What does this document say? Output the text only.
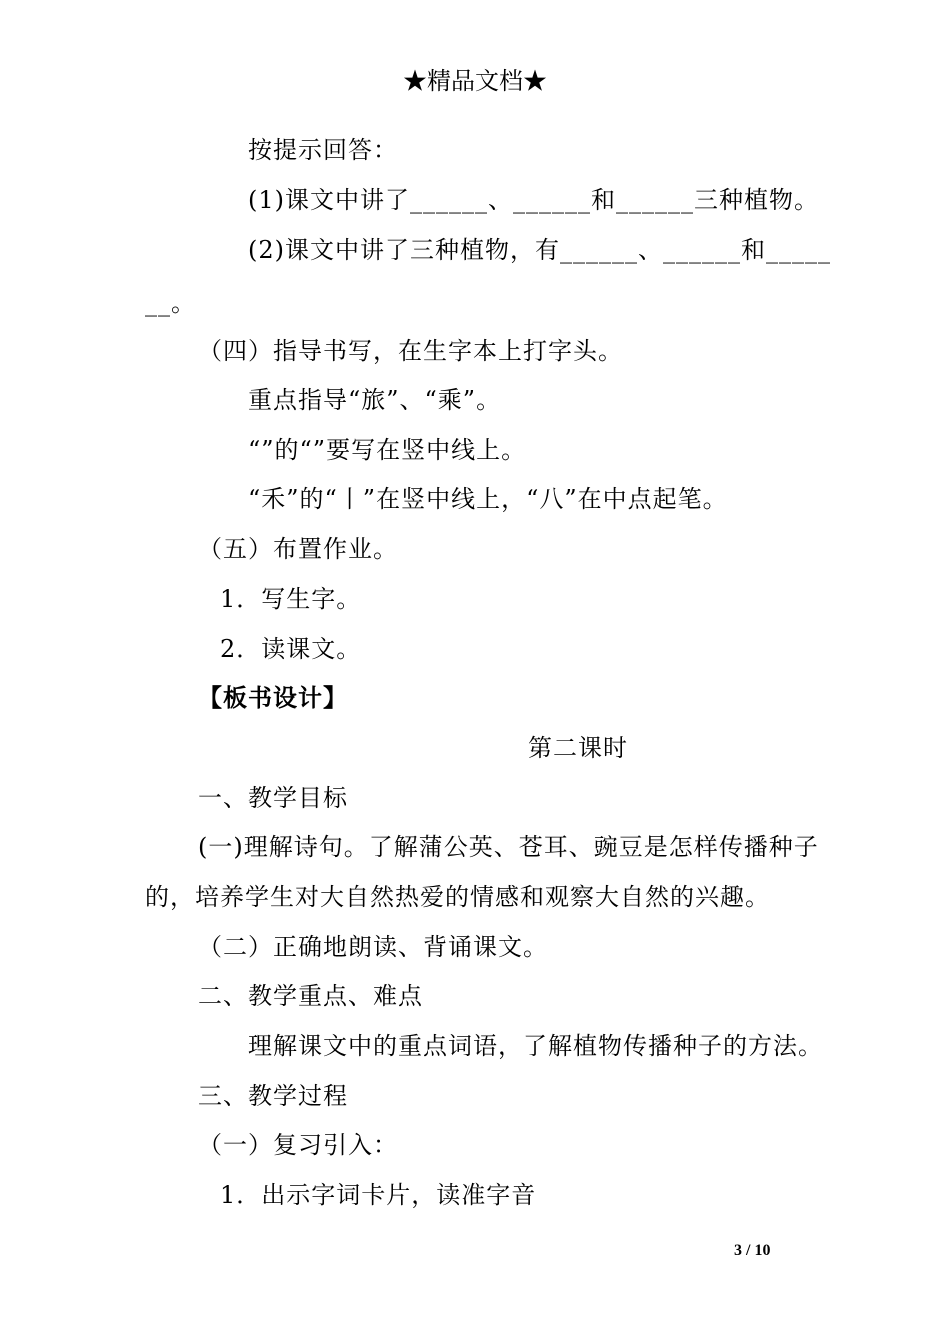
★精品文档★
按提示回答：
(1)课文中讲了______、______和______三种植物。
(2)课文中讲了三种植物，有______、______和_____
__。
（四）指导书写，在生字本上打字头。
重点指导“旅”、“乘”。
“”的“”要写在竖中线上。
“禾”的“丨”在竖中线上，“八”在中点起笔。
（五）布置作业。
1．写生字。
2．读课文。
【板书设计】
第二课时
一、教学目标
(一)理解诗句。了解蒲公英、苍耳、豌豆是怎样传播种子
的，培养学生对大自然热爱的情感和观察大自然的兴趣。
（二）正确地朗读、背诵课文。
二、教学重点、难点
理解课文中的重点词语，了解植物传播种子的方法。
三、教学过程
（一）复习引入：
1．出示字词卡片，读准字音
3 / 10
